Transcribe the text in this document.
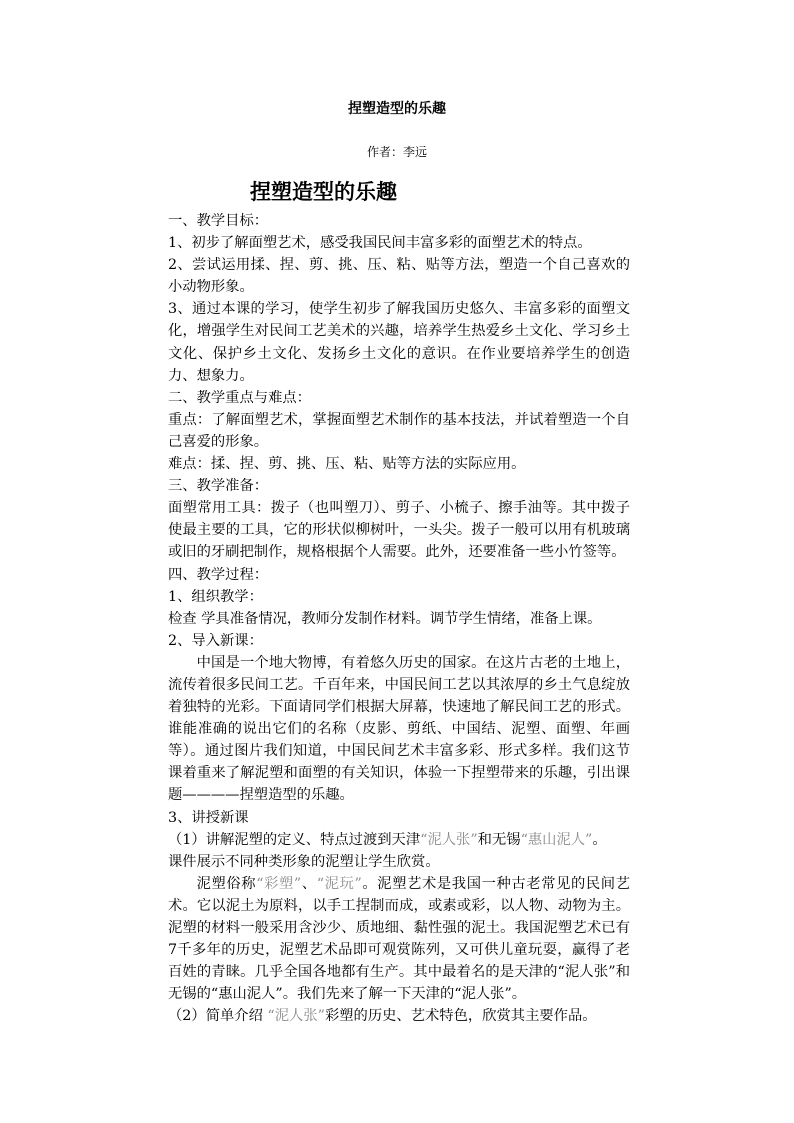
捏塑造型的乐趣
作者：李远
捏塑造型的乐趣

一、教学目标：

1、初步了解面塑艺术，感受我国民间丰富多彩的面塑艺术的特点。

2、尝试运用揉、捏、剪、挑、压、粘、贴等方法，塑造一个自己喜欢的小动物形象。

3、通过本课的学习，使学生初步了解我国历史悠久、丰富多彩的面塑文化，增强学生对民间工艺美术的兴趣，培养学生热爱乡土文化、学习乡土文化、保护乡土文化、发扬乡土文化的意识。在作业要培养学生的创造力、想象力。

二、教学重点与难点：

重点：了解面塑艺术，掌握面塑艺术制作的基本技法，并试着塑造一个自己喜爱的形象。

难点：揉、捏、剪、挑、压、粘、贴等方法的实际应用。

三、教学准备：

面塑常用工具：拨子（也叫塑刀）、剪子、小梳子、擦手油等。其中拨子使最主要的工具，它的形状似柳树叶，一头尖。拨子一般可以用有机玻璃或旧的牙刷把制作，规格根据个人需要。此外，还要准备一些小竹签等。

四、教学过程：

1、组织教学：

检查 学具准备情况，教师分发制作材料。调节学生情绪，准备上课。

2、导入新课：

中国是一个地大物博，有着悠久历史的国家。在这片古老的土地上，流传着很多民间工艺。千百年来，中国民间工艺以其浓厚的乡土气息绽放着独特的光彩。下面请同学们根据大屏幕，快速地了解民间工艺的形式。谁能准确的说出它们的名称（皮影、剪纸、中国结、泥塑、面塑、年画等）。通过图片我们知道，中国民间艺术丰富多彩、形式多样。我们这节课着重来了解泥塑和面塑的有关知识，体验一下捏塑带来的乐趣，引出课题————捏塑造型的乐趣。

3、讲授新课

（1）讲解泥塑的定义、特点过渡到天津“泥人张”和无锡“惠山泥人”。

课件展示不同种类形象的泥塑让学生欣赏。

泥塑俗称“彩塑”、“泥玩”。泥塑艺术是我国一种古老常见的民间艺术。它以泥土为原料，以手工捏制而成，或素或彩，以人物、动物为主。泥塑的材料一般采用含沙少、质地细、黏性强的泥土。我国泥塑艺术已有7千多年的历史，泥塑艺术品即可观赏陈列，又可供儿童玩耍，赢得了老百姓的青睐。几乎全国各地都有生产。其中最着名的是天津的“泥人张”和无锡的“惠山泥人”。我们先来了解一下天津的“泥人张”。

（2）简单介绍 “泥人张”彩塑的历史、艺术特色，欣赏其主要作品。
